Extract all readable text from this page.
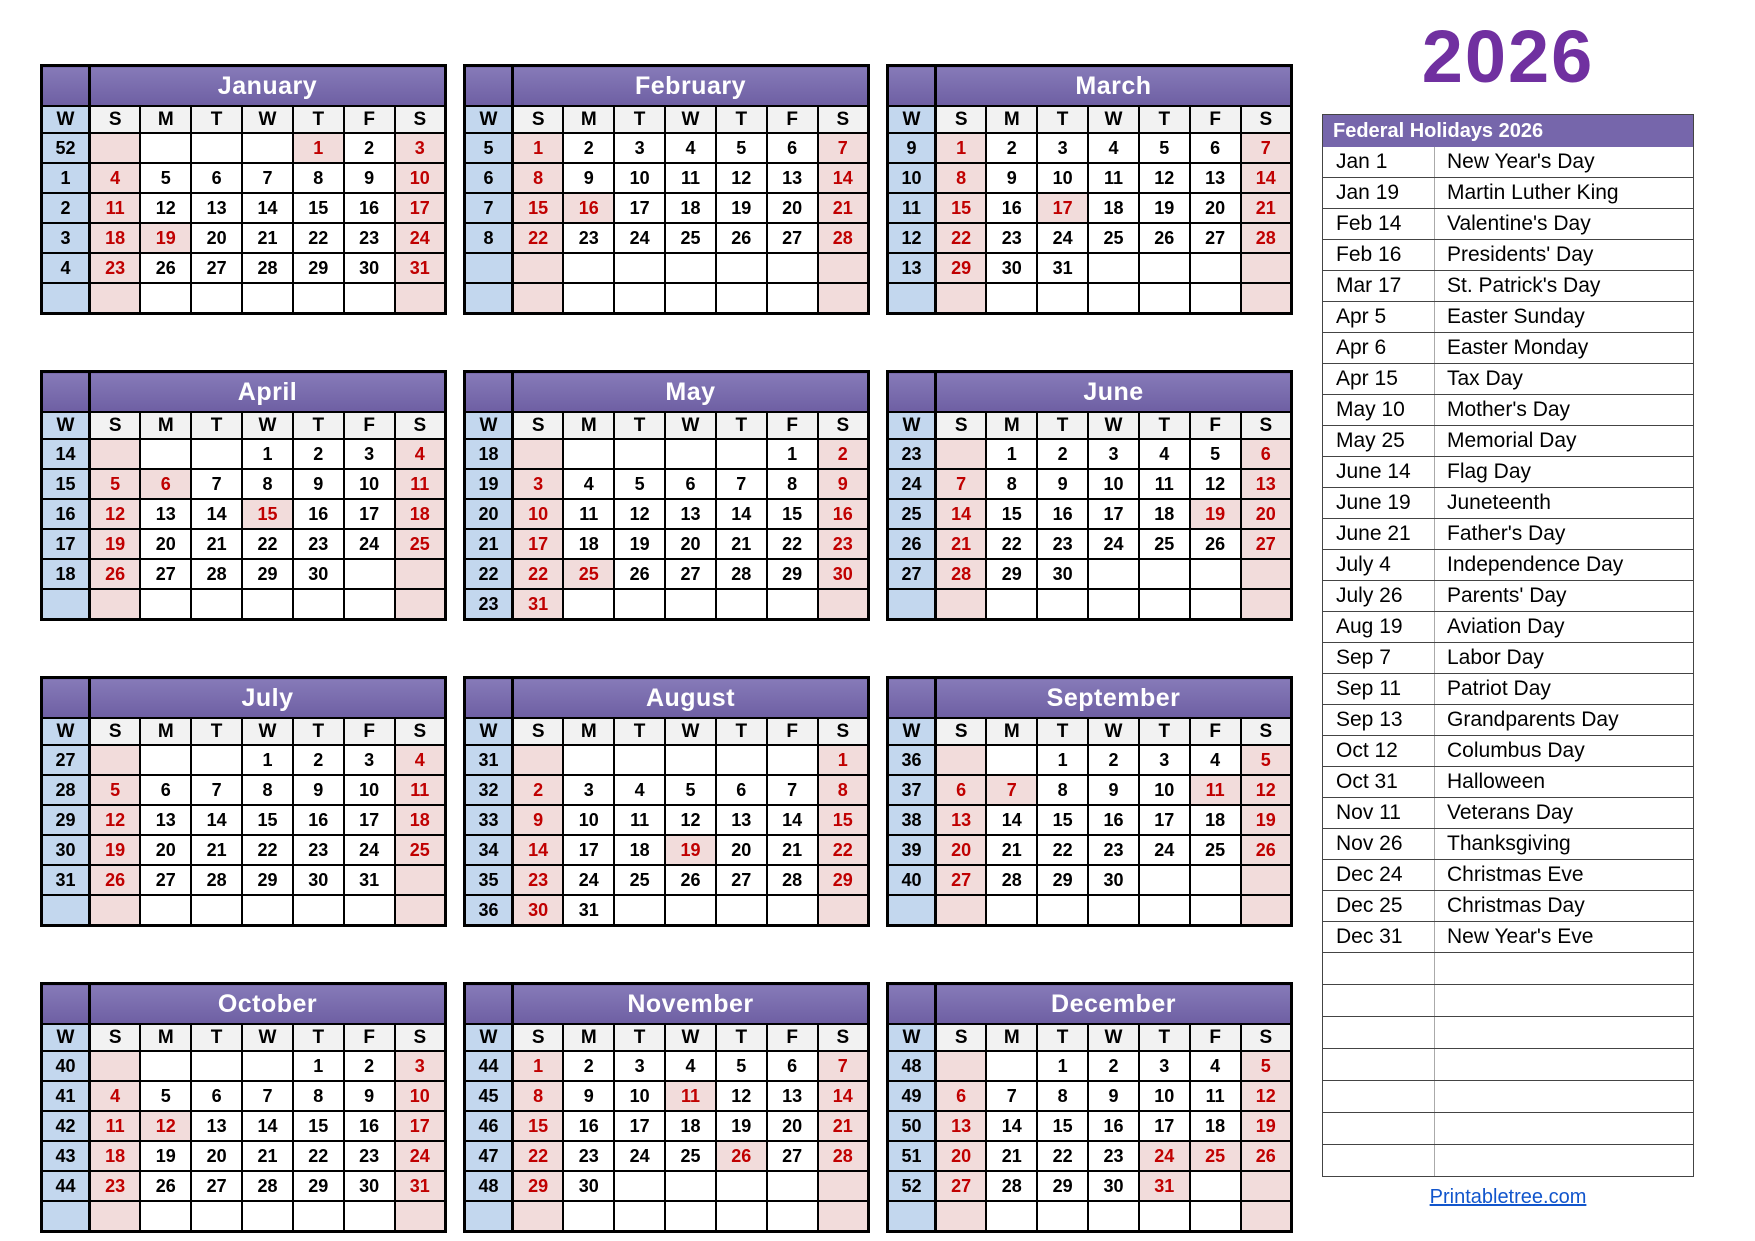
2026
	January						
W	S	M	T	W	T	F	S
52					1	2	3
1	4	5	6	7	8	9	10
2	11	12	13	14	15	16	17
3	18	19	20	21	22	23	24
4	23	26	27	28	29	30	31

	February						
W	S	M	T	W	T	F	S
5	1	2	3	4	5	6	7
6	8	9	10	11	12	13	14
7	15	16	17	18	19	20	21
8	22	23	24	25	26	27	28

	March						
W	S	M	T	W	T	F	S
9	1	2	3	4	5	6	7
10	8	9	10	11	12	13	14
11	15	16	17	18	19	20	21
12	22	23	24	25	26	27	28
13	29	30	31				

	April						
W	S	M	T	W	T	F	S
14				1	2	3	4
15	5	6	7	8	9	10	11
16	12	13	14	15	16	17	18
17	19	20	21	22	23	24	25
18	26	27	28	29	30		

	May						
W	S	M	T	W	T	F	S
18						1	2
19	3	4	5	6	7	8	9
20	10	11	12	13	14	15	16
21	17	18	19	20	21	22	23
22	22	25	26	27	28	29	30
23	31						
	June						
W	S	M	T	W	T	F	S
23		1	2	3	4	5	6
24	7	8	9	10	11	12	13
25	14	15	16	17	18	19	20
26	21	22	23	24	25	26	27
27	28	29	30				

	July						
W	S	M	T	W	T	F	S
27				1	2	3	4
28	5	6	7	8	9	10	11
29	12	13	14	15	16	17	18
30	19	20	21	22	23	24	25
31	26	27	28	29	30	31	

	August						
W	S	M	T	W	T	F	S
31							1
32	2	3	4	5	6	7	8
33	9	10	11	12	13	14	15
34	14	17	18	19	20	21	22
35	23	24	25	26	27	28	29
36	30	31					
	September						
W	S	M	T	W	T	F	S
36			1	2	3	4	5
37	6	7	8	9	10	11	12
38	13	14	15	16	17	18	19
39	20	21	22	23	24	25	26
40	27	28	29	30			

	October						
W	S	M	T	W	T	F	S
40					1	2	3
41	4	5	6	7	8	9	10
42	11	12	13	14	15	16	17
43	18	19	20	21	22	23	24
44	23	26	27	28	29	30	31

	November						
W	S	M	T	W	T	F	S
44	1	2	3	4	5	6	7
45	8	9	10	11	12	13	14
46	15	16	17	18	19	20	21
47	22	23	24	25	26	27	28
48	29	30					

	December						
W	S	M	T	W	T	F	S
48			1	2	3	4	5
49	6	7	8	9	10	11	12
50	13	14	15	16	17	18	19
51	20	21	22	23	24	25	26
52	27	28	29	30	31		

Federal Holidays 2026
Jan 1	New Year's Day
Jan 19	Martin Luther King
Feb 14	Valentine's Day
Feb 16	Presidents' Day
Mar 17	St. Patrick's Day
Apr 5	Easter Sunday
Apr 6	Easter Monday
Apr 15	Tax Day
May 10	Mother's Day
May 25	Memorial Day
June 14	Flag Day
June 19	Juneteenth
June 21	Father's Day
July 4	Independence Day
July 26	Parents' Day
Aug 19	Aviation Day
Sep 7	Labor Day
Sep 11	Patriot Day
Sep 13	Grandparents Day
Oct 12	Columbus Day
Oct 31	Halloween
Nov 11	Veterans Day
Nov 26	Thanksgiving
Dec 24	Christmas Eve
Dec 25	Christmas Day
Dec 31	New Year's Eve
Printabletree.com
